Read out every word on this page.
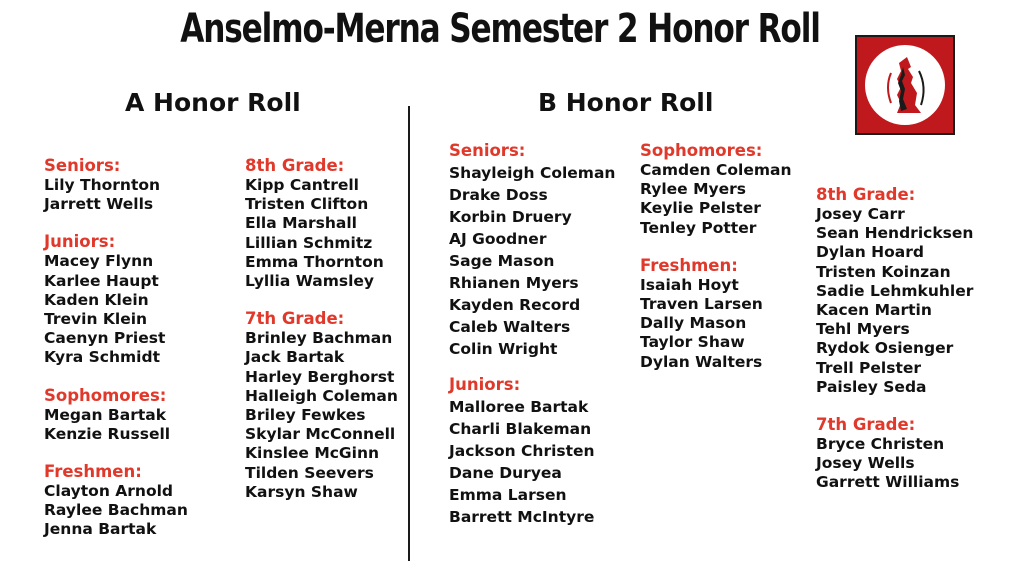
Anselmo-Merna Semester 2 Honor Roll
A Honor Roll	B Honor Roll
Seniors:
Lily Thornton
Jarrett Wells
Juniors:
Macey Flynn
Karlee Haupt
Kaden Klein
Trevin Klein
Caenyn Priest
Kyra Schmidt
Sophomores:
Megan Bartak
Kenzie Russell
Freshmen:
Clayton Arnold
Raylee Bachman
Jenna Bartak
8th Grade:
Kipp Cantrell
Tristen Clifton
Ella Marshall
Lillian Schmitz
Emma Thornton
Lyllia Wamsley
7th Grade:
Brinley Bachman
Jack Bartak
Harley Berghorst
Halleigh Coleman
Briley Fewkes
Skylar McConnell
Kinslee McGinn
Tilden Seevers
Karsyn Shaw
Seniors:
Shayleigh Coleman
Drake Doss
Korbin Druery
AJ Goodner
Sage Mason
Rhianen Myers
Kayden Record
Caleb Walters
Colin Wright
Juniors:
Malloree Bartak
Charli Blakeman
Jackson Christen
Dane Duryea
Emma Larsen
Barrett McIntyre
Sophomores:
Camden Coleman
Rylee Myers
Keylie Pelster
Tenley Potter
Freshmen:
Isaiah Hoyt
Traven Larsen
Dally Mason
Taylor Shaw
Dylan Walters
8th Grade:
Josey Carr
Sean Hendricksen
Dylan Hoard
Tristen Koinzan
Sadie Lehmkuhler
Kacen Martin
Tehl Myers
Rydok Osienger
Trell Pelster
Paisley Seda
7th Grade:
Bryce Christen
Josey Wells
Garrett Williams
